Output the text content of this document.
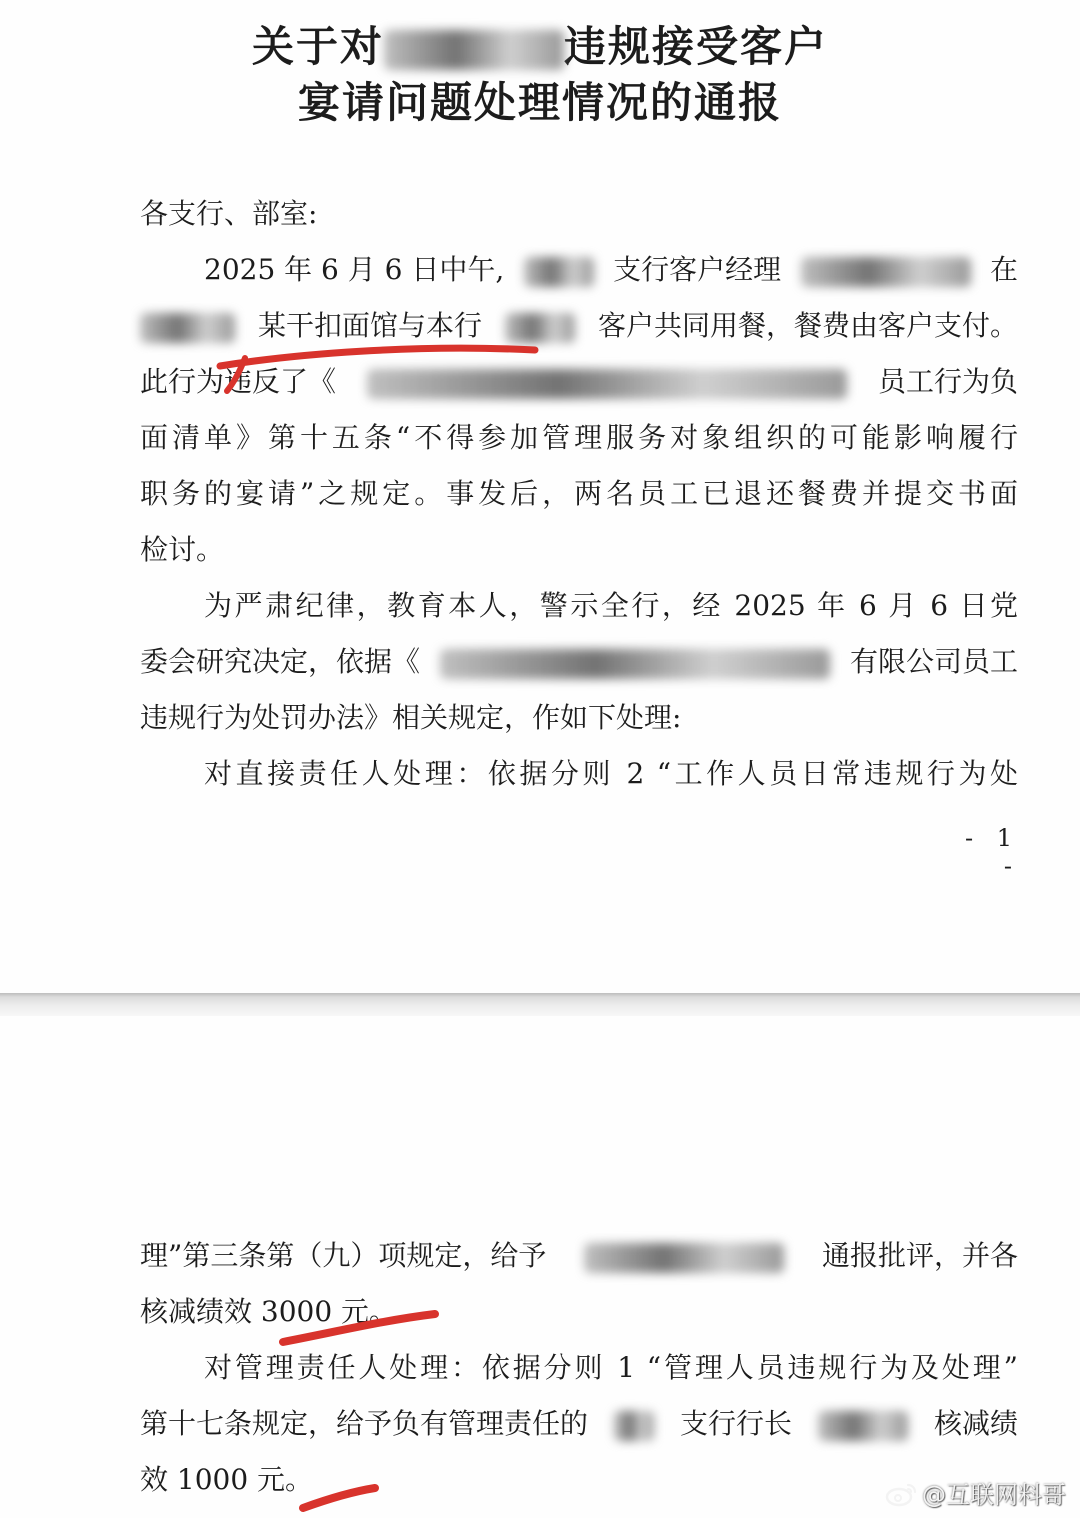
关于对	违规接受客户
宴请问题处理情况的通报
各支行、部室:
2025 年 6 月 6 日中午,	支行客户经理	在
某干扣面馆与本行	客户共同用餐，餐费由客户支付。
此行为违反了《	员工行为负
面清单》第十五条“不得参加管理服务对象组织的可能影响履行
职务的宴请”之规定。事发后，两名员工已退还餐费并提交书面
检讨。
为严肃纪律，教育本人，警示全行，经 2025 年 6 月 6 日党
委会研究决定，依据《	有限公司员工
违规行为处罚办法》相关规定，作如下处理:
对直接责任人处理：依据分则 2 “工作人员日常违规行为处
- 1 -
理”第三条第（九）项规定，给予	通报批评，并各
核减绩效 3000 元。
对管理责任人处理：依据分则 1 “管理人员违规行为及处理”
第十七条规定，给予负有管理责任的	支行行长	核减绩
效 1000 元。	@互联网料哥
